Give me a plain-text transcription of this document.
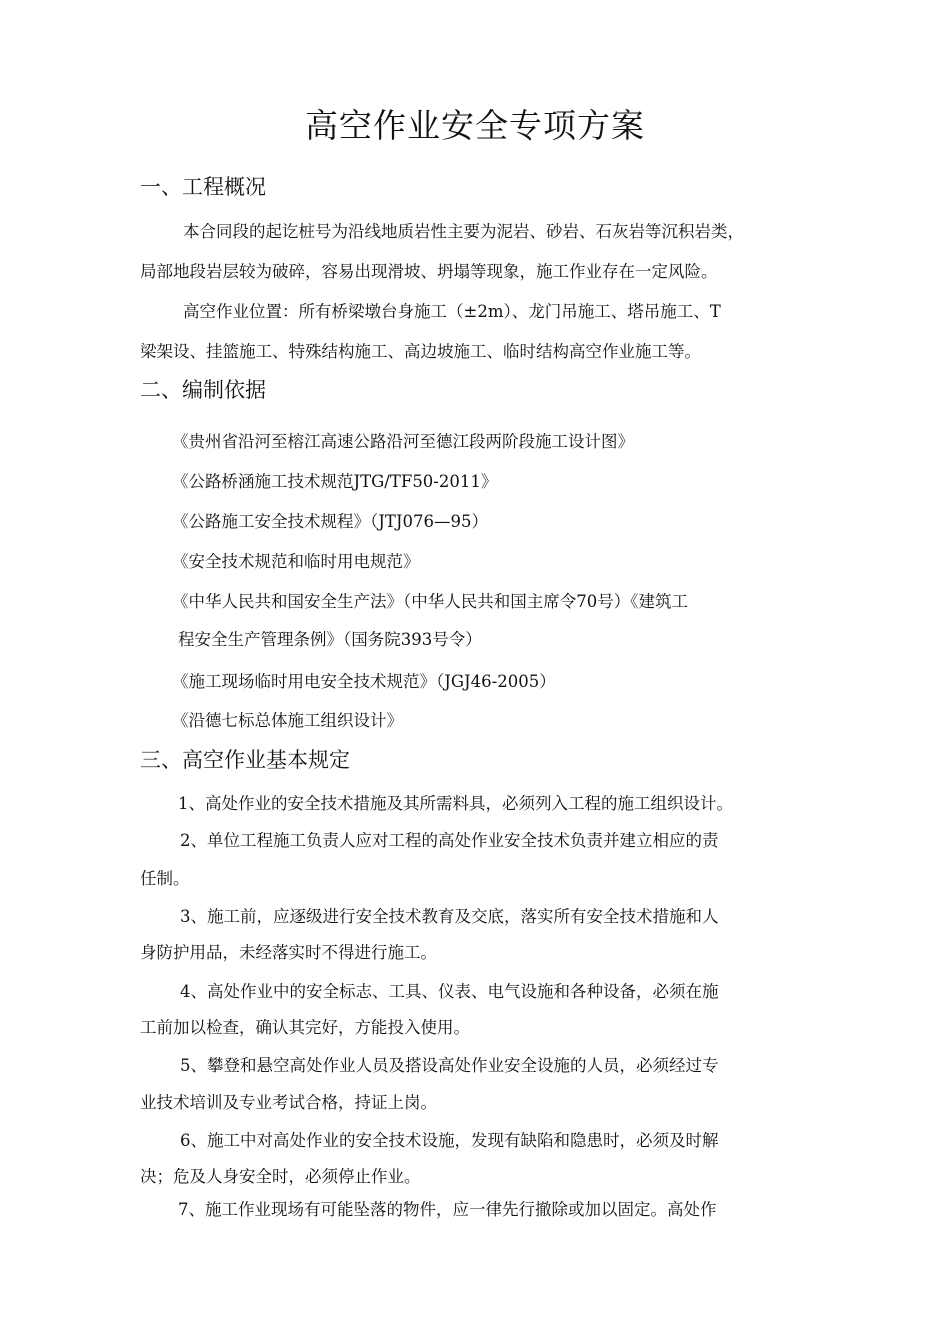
高空作业安全专项方案
一、工程概况
本合同段的起讫桩号为沿线地质岩性主要为泥岩、砂岩、石灰岩等沉积岩类，
局部地段岩层较为破碎，容易出现滑坡、坍塌等现象，施工作业存在一定风险。
高空作业位置：所有桥梁墩台身施工（±2m）、龙门吊施工、塔吊施工、T
梁架设、挂篮施工、特殊结构施工、高边坡施工、临时结构高空作业施工等。
二、编制依据
《贵州省沿河至榕江高速公路沿河至德江段两阶段施工设计图》
《公路桥涵施工技术规范JTG/TF50-2011》
《公路施工安全技术规程》（JTJ076—95）
《安全技术规范和临时用电规范》
《中华人民共和国安全生产法》（中华人民共和国主席令70号）《建筑工
程安全生产管理条例》（国务院393号令）
《施工现场临时用电安全技术规范》（JGJ46-2005）
《沿德七标总体施工组织设计》
三、高空作业基本规定
1、高处作业的安全技术措施及其所需料具，必须列入工程的施工组织设计。
2、单位工程施工负责人应对工程的高处作业安全技术负责并建立相应的责
任制。
3、施工前，应逐级进行安全技术教育及交底，落实所有安全技术措施和人
身防护用品，未经落实时不得进行施工。
4、高处作业中的安全标志、工具、仪表、电气设施和各种设备，必须在施
工前加以检查，确认其完好，方能投入使用。
5、攀登和悬空高处作业人员及搭设高处作业安全设施的人员，必须经过专
业技术培训及专业考试合格，持证上岗。
6、施工中对高处作业的安全技术设施，发现有缺陷和隐患时，必须及时解
决；危及人身安全时，必须停止作业。
7、施工作业现场有可能坠落的物件，应一律先行撤除或加以固定。高处作
